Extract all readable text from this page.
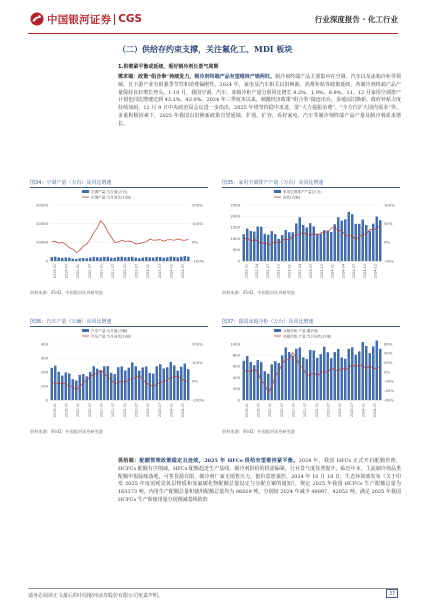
中国银河证券 CGS	行业深度报告 · 化工行业
（二）供给存约束支撑，关注氟化工、MDI 板块
1.供需紧平衡或延续，看好制冷剂长景气周期
需求端：政策“组合拳”持续发力，制冷剂终端产品有望维持产销两旺。制冷剂终端产品主要集中在空调、汽车以及冰箱冷柜等领域，且下游产业有很强季节性和消费偏刚性。2024 年，家电及汽车相关以旧换新、消费补贴等政策延续，各制冷剂终端产品产量保持良好增长势头，1-10 月，我国空调、汽车、冰箱冷柜产量分别同比增长 8.2%、1.9%、8.8%。11、12 月家用空调排产计划也同比增速达到 43.1%、43.0%。2024 年三季度末以来，刺激经济政策“组合拳”接连出台，多地以旧换新、政府补贴力度持续加码，12 月 9 日中央政治局会议进一步指出，2025 年将坚持稳中求进，要“大力提振消费”、“全方位扩大国内需求”等。多重积极因素下，2025 年我国以旧换新政策有望延续、扩围、扩容，看好家电、汽车等制冷剂终端产品产量及制冷剂需求增长。
图34：空调产量（万台）及同比增速
空调产量:当月值(万台)
空调产量:当月同比(右轴)
0
10000
20000
30000
-100%
0%
100%
200%
2019-01 2019-07 2020-01 2020-07 2021-01 2021-07 2022-01 2022-07 2023-01 2023-07 2024-01 2024-07
资料来源：iFinD，中国银河证券研究院
图35：家用空调排产产量（万台）及同比增速
家用空调排产产量(万台)
同比(右轴)
0
500
1000
1500
2000
2500
-50%
0%
50%
100%
2022-01 2022-04 2022-07 2022-10 2023-01 2023-04 2023-07 2023-10 2024-01 2024-04 2024-07 2024-10 2024-12
资料来源：iFinD，中国银河证券研究院
图36：汽车产量（万辆）及同比增速
汽车产量:当月值(万辆)
汽车产量:当月同比(右轴)
0
100
200
300
400
-100%
0%
100%
200%
2019-01 2019-07 2020-01 2020-07 2021-01 2021-07 2022-01 2022-07 2023-01 2023-07 2024-01 2024-07
资料来源：iFinD，中国银河证券研究院
图37：我国冰箱冷柜（万台）及同比增速
冰箱冷柜:产量:累计值
冰箱冷柜:产量:当月同比(右轴)
0
200
400
600
800
1000
-60%
-40%
-20%
0%
20%
40%
60%
2019-01 2019-07 2020-01 2020-07 2021-01 2021-07 2022-01 2022-07 2023-01 2023-07 2024-01 2024-07
资料来源：iFinD，中国银河证券研究院
供给端：配额管理政策稳定且连续，2025 年 HFCs 供给有望维持紧平衡。2024 年，我国 HFCs 正式开启配额管理，HCFCs 配额有序削减，HFCs 配额趋近生产基线，制冷剂供给的供需偏紧，行业景气度显著提升。临近年末，主流制冷剂品类配额申报陆续落地，可售货源有限，制冷剂厂家无销售压力，挺价意愿强烈。2024 年 10 月 18 日，生态环境部发布《关于印发 2025 年度消耗臭氧层物质和氢氟碳化物配额总量设定与分配方案的通知》，规定 2025 年我国 HCFCs 生产配额总量为 163373 吨，内用生产配额总量和使用配额总量均为 86029 吨，分别较 2024 年减少 49897、42052 吨。满足 2025 年我国 HCFCs 生产和使用量分别削减基线值的
请务必阅读正文最后的中国银河证券股份有限公司免责声明。	37
